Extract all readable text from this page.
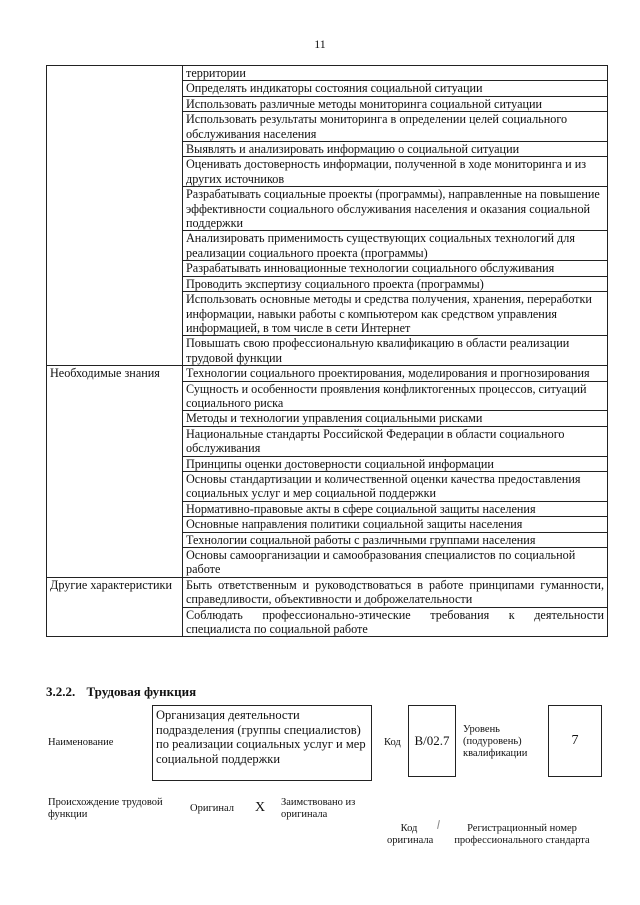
11
	территории
	Определять индикаторы состояния социальной ситуации
	Использовать различные методы мониторинга социальной ситуации
	Использовать результаты мониторинга в определении целей социального обслуживания населения
	Выявлять и анализировать информацию о социальной ситуации
	Оценивать достоверность информации, полученной в ходе мониторинга и из других источников
	Разрабатывать социальные проекты (программы), направленные на повышение эффективности социального обслуживания населения и оказания социальной поддержки
	Анализировать применимость существующих социальных технологий для реализации социального проекта (программы)
	Разрабатывать инновационные технологии социального обслуживания
	Проводить экспертизу социального проекта (программы)
	Использовать основные методы и средства получения, хранения, переработки информации, навыки работы с компьютером как средством управления информацией, в том числе в сети Интернет
	Повышать свою профессиональную квалификацию в области реализации трудовой функции
Необходимые знания	Технологии социального проектирования, моделирования и прогнозирования
	Сущность и особенности проявления конфликтогенных процессов, ситуаций социального риска
	Методы и технологии управления социальными рисками
	Национальные стандарты Российской Федерации в области социального обслуживания
	Принципы оценки достоверности социальной информации
	Основы стандартизации и количественной оценки качества предоставления социальных услуг и мер социальной поддержки
	Нормативно-правовые акты в сфере социальной защиты населения
	Основные направления политики социальной защиты населения
	Технологии социальной работы с различными группами населения
	Основы самоорганизации и самообразования специалистов по социальной работе
Другие характеристики	Быть ответственным и руководствоваться в работе принципами гуманности, справедливости, объективности и доброжелательности
	Соблюдать профессионально-этические требования к деятельности специалиста по социальной работе
3.2.2. Трудовая функция
Наименование
Организация деятельности подразделения (группы специалистов) по реализации социальных услуг и мер социальной поддержки
Код B/02.7
Уровень (подуровень) квалификации
7
Происхождение трудовой функции
Оригинал X Заимствовано из оригинала
Код оригинала
Регистрационный номер профессионального стандарта
